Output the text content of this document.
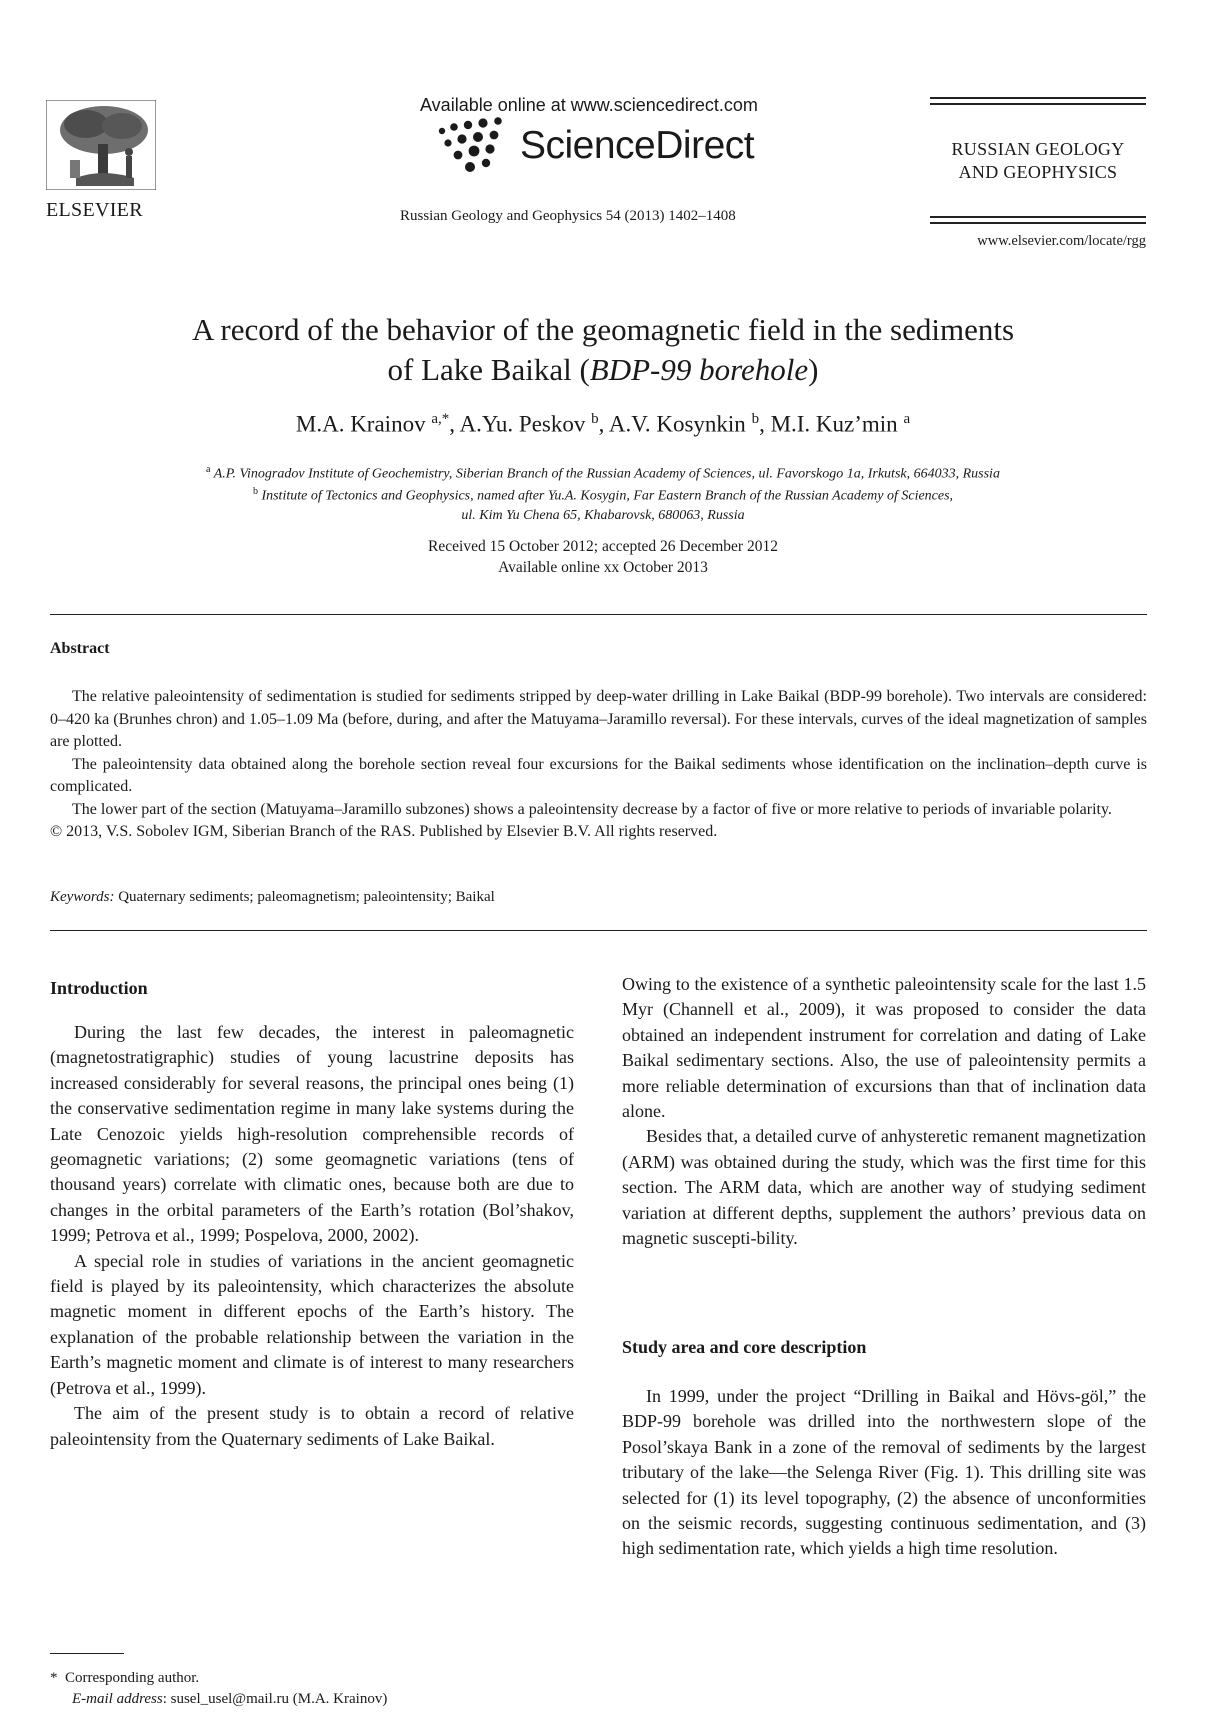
ELSEVIER
Available online at www.sciencedirect.com
ScienceDirect
Russian Geology and Geophysics 54 (2013) 1402–1408
RUSSIAN GEOLOGY
AND GEOPHYSICS
www.elsevier.com/locate/rgg
A record of the behavior of the geomagnetic field in the sediments
of Lake Baikal (BDP-99 borehole)
M.A. Krainov $^{a,*}$, A.Yu. Peskov $^b$, A.V. Kosynkin $^b$, M.I. Kuz’min $^a$
$^a$ A.P. Vinogradov Institute of Geochemistry, Siberian Branch of the Russian Academy of Sciences, ul. Favorskogo 1a, Irkutsk, 664033, Russia
$^b$ Institute of Tectonics and Geophysics, named after Yu.A. Kosygin, Far Eastern Branch of the Russian Academy of Sciences,
ul. Kim Yu Chena 65, Khabarovsk, 680063, Russia
Received 15 October 2012; accepted 26 December 2012
Available online xx October 2013
Abstract

The relative paleointensity of sedimentation is studied for sediments stripped by deep-water drilling in Lake Baikal (BDP-99 borehole). Two intervals are considered: 0–420 ka (Brunhes chron) and 1.05–1.09 Ma (before, during, and after the Matuyama–Jaramillo reversal). For these intervals, curves of the ideal magnetization of samples are plotted.

The paleointensity data obtained along the borehole section reveal four excursions for the Baikal sediments whose identification on the inclination–depth curve is complicated.

The lower part of the section (Matuyama–Jaramillo subzones) shows a paleointensity decrease by a factor of five or more relative to periods of invariable polarity.

© 2013, V.S. Sobolev IGM, Siberian Branch of the RAS. Published by Elsevier B.V. All rights reserved.

Keywords: Quaternary sediments; paleomagnetism; paleointensity; Baikal
Introduction

During the last few decades, the interest in paleomagnetic (magnetostratigraphic) studies of young lacustrine deposits has increased considerably for several reasons, the principal ones being (1) the conservative sedimentation regime in many lake systems during the Late Cenozoic yields high-resolution comprehensible records of geomagnetic variations; (2) some geomagnetic variations (tens of thousand years) correlate with climatic ones, because both are due to changes in the orbital parameters of the Earth’s rotation (Bol’shakov, 1999; Petrova et al., 1999; Pospelova, 2000, 2002).

A special role in studies of variations in the ancient geomagnetic field is played by its paleointensity, which characterizes the absolute magnetic moment in different epochs of the Earth’s history. The explanation of the probable relationship between the variation in the Earth’s magnetic moment and climate is of interest to many researchers (Petrova et al., 1999).

The aim of the present study is to obtain a record of relative paleointensity from the Quaternary sediments of Lake Baikal.

Owing to the existence of a synthetic paleointensity scale for the last 1.5 Myr (Channell et al., 2009), it was proposed to consider the data obtained an independent instrument for correlation and dating of Lake Baikal sedimentary sections. Also, the use of paleointensity permits a more reliable determination of excursions than that of inclination data alone.

Besides that, a detailed curve of anhysteretic remanent magnetization (ARM) was obtained during the study, which was the first time for this section. The ARM data, which are another way of studying sediment variation at different depths, supplement the authors’ previous data on magnetic suscepti-bility.

Study area and core description

In 1999, under the project “Drilling in Baikal and Hövs-göl,” the BDP-99 borehole was drilled into the northwestern slope of the Posol’skaya Bank in a zone of the removal of sediments by the largest tributary of the lake—the Selenga River (Fig. 1). This drilling site was selected for (1) its level topography, (2) the absence of unconformities on the seismic records, suggesting continuous sedimentation, and (3) high sedimentation rate, which yields a high time resolution.

* Corresponding author.
E-mail address: susel_usel@mail.ru (M.A. Krainov)
